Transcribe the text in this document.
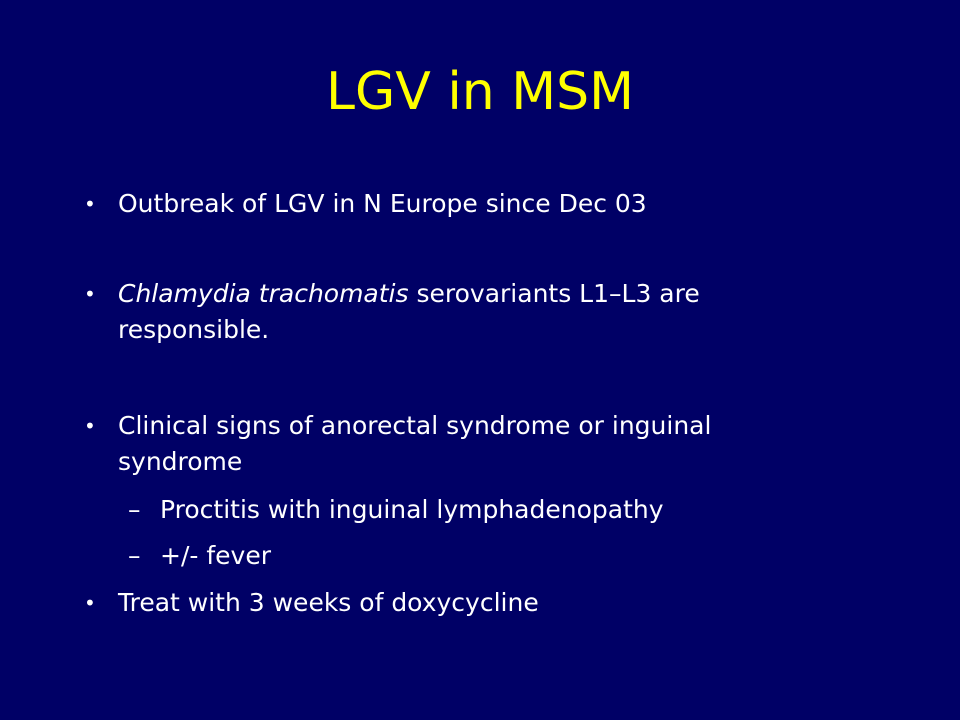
LGV in MSM
• Outbreak of LGV in N Europe since Dec 03
• Chlamydia trachomatis serovariants L1–L3 are
responsible.
• Clinical signs of anorectal syndrome or inguinal
syndrome
– Proctitis with inguinal lymphadenopathy
– +/- fever
• Treat with 3 weeks of doxycycline
